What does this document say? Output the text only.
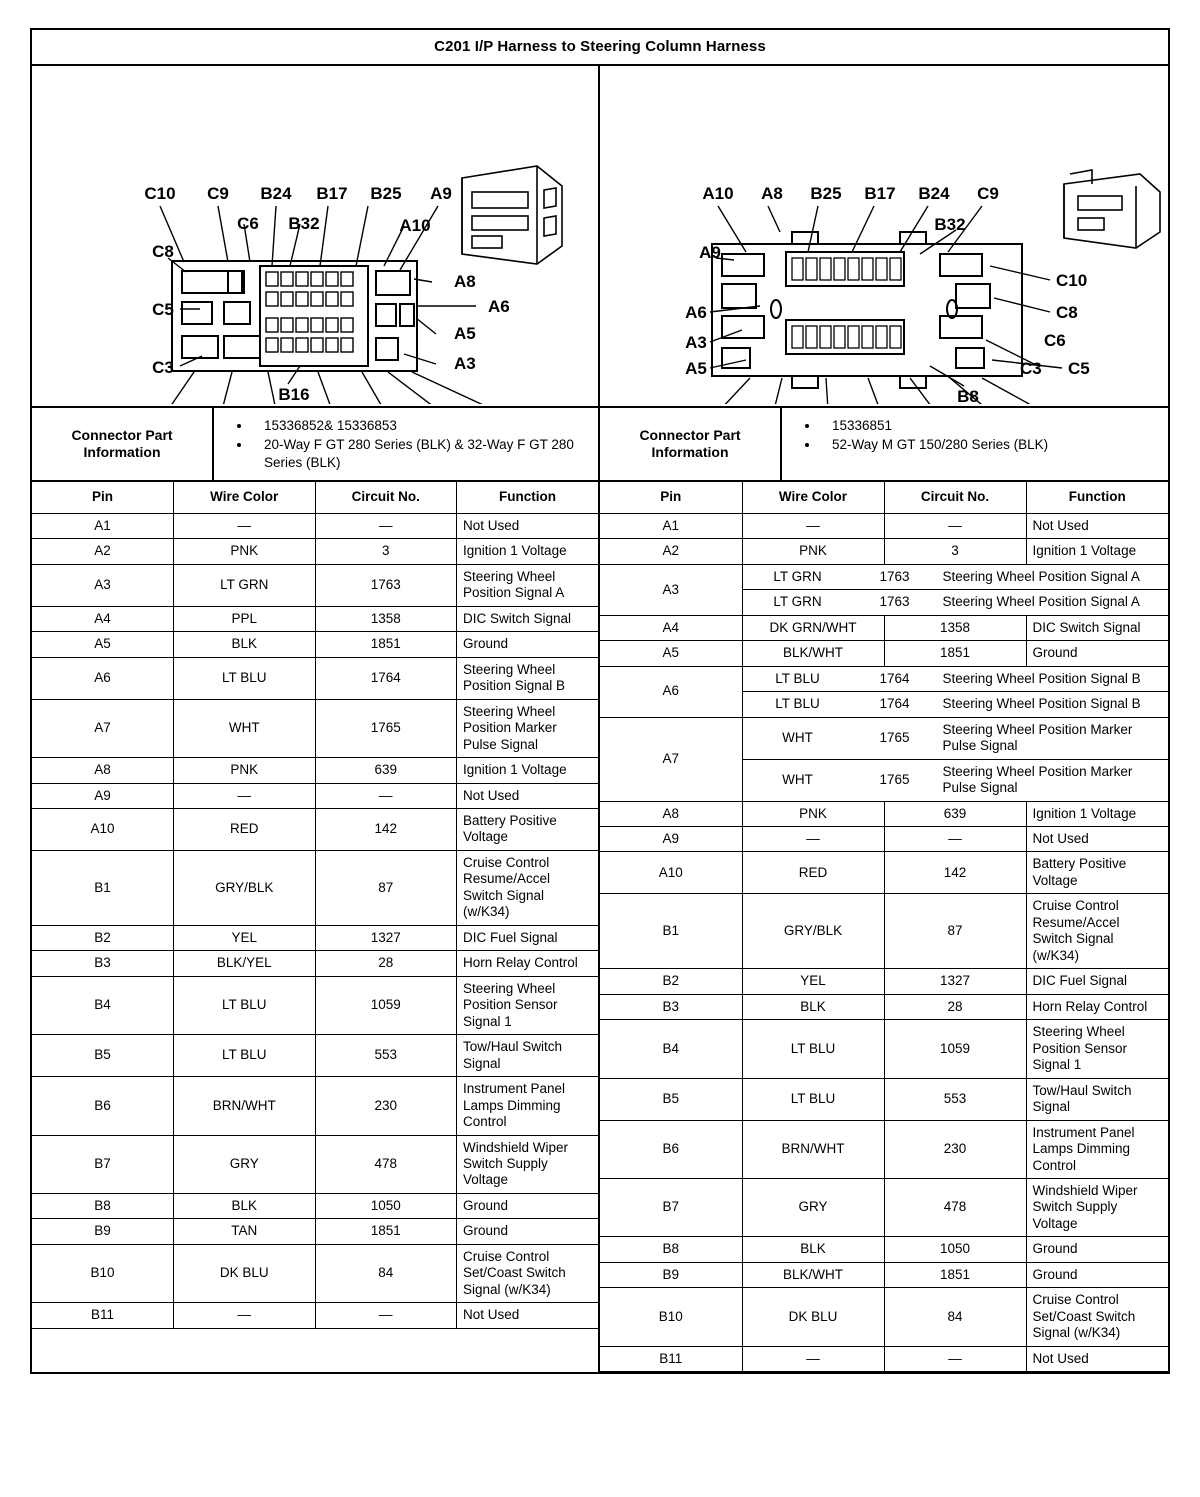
C201 I/P Harness to Steering Column Harness
C10 C9 B24 B17 B25 A9
C6 B32	A10
C8
C5
C3
A8
A6
A5
A3
B16
A10 A8 B25 B17 B24 C9
B32
A9
A6
A3
A5
C10
C8
C6
C3 C5
B8
Connector Part Information
• 15336852& 15336853
• 20-Way F GT 280 Series (BLK) & 32-Way F GT 280 Series (BLK)
Connector Part Information
• 15336851
• 52-Way M GT 150/280 Series (BLK)
Pin	Wire Color	Circuit No.	Function
A1	—	—	Not Used
A2	PNK	3	Ignition 1 Voltage
A3	LT GRN	1763	Steering Wheel Position Signal A
A4	PPL	1358	DIC Switch Signal
A5	BLK	1851	Ground
A6	LT BLU	1764	Steering Wheel Position Signal B
A7	WHT	1765	Steering Wheel Position Marker Pulse Signal
A8	PNK	639	Ignition 1 Voltage
A9	—	—	Not Used
A10	RED	142	Battery Positive Voltage
B1	GRY/BLK	87	Cruise Control Resume/Accel Switch Signal (w/K34)
B2	YEL	1327	DIC Fuel Signal
B3	BLK/YEL	28	Horn Relay Control
B4	LT BLU	1059	Steering Wheel Position Sensor Signal 1
B5	LT BLU	553	Tow/Haul Switch Signal
B6	BRN/WHT	230	Instrument Panel Lamps Dimming Control
B7	GRY	478	Windshield Wiper Switch Supply Voltage
B8	BLK	1050	Ground
B9	TAN	1851	Ground
B10	DK BLU	84	Cruise Control Set/Coast Switch Signal (w/K34)
B11	—	—	Not Used
Pin	Wire Color	Circuit No.	Function
A1	—	—	Not Used
A2	PNK	3	Ignition 1 Voltage
A3	
LT GRN	1763	Steering Wheel Position Signal A
LT GRN	1763	Steering Wheel Position Signal A

A4	DK GRN/WHT	1358	DIC Switch Signal
A5	BLK/WHT	1851	Ground
A6	
LT BLU	1764	Steering Wheel Position Signal B
LT BLU	1764	Steering Wheel Position Signal B

A7	
WHT	1765	Steering Wheel Position Marker Pulse Signal
WHT	1765	Steering Wheel Position Marker Pulse Signal

A8	PNK	639	Ignition 1 Voltage
A9	—	—	Not Used
A10	RED	142	Battery Positive Voltage
B1	GRY/BLK	87	Cruise Control Resume/Accel Switch Signal (w/K34)
B2	YEL	1327	DIC Fuel Signal
B3	BLK	28	Horn Relay Control
B4	LT BLU	1059	Steering Wheel Position Sensor Signal 1
B5	LT BLU	553	Tow/Haul Switch Signal
B6	BRN/WHT	230	Instrument Panel Lamps Dimming Control
B7	GRY	478	Windshield Wiper Switch Supply Voltage
B8	BLK	1050	Ground
B9	BLK/WHT	1851	Ground
B10	DK BLU	84	Cruise Control Set/Coast Switch Signal (w/K34)
B11	—	—	Not Used
